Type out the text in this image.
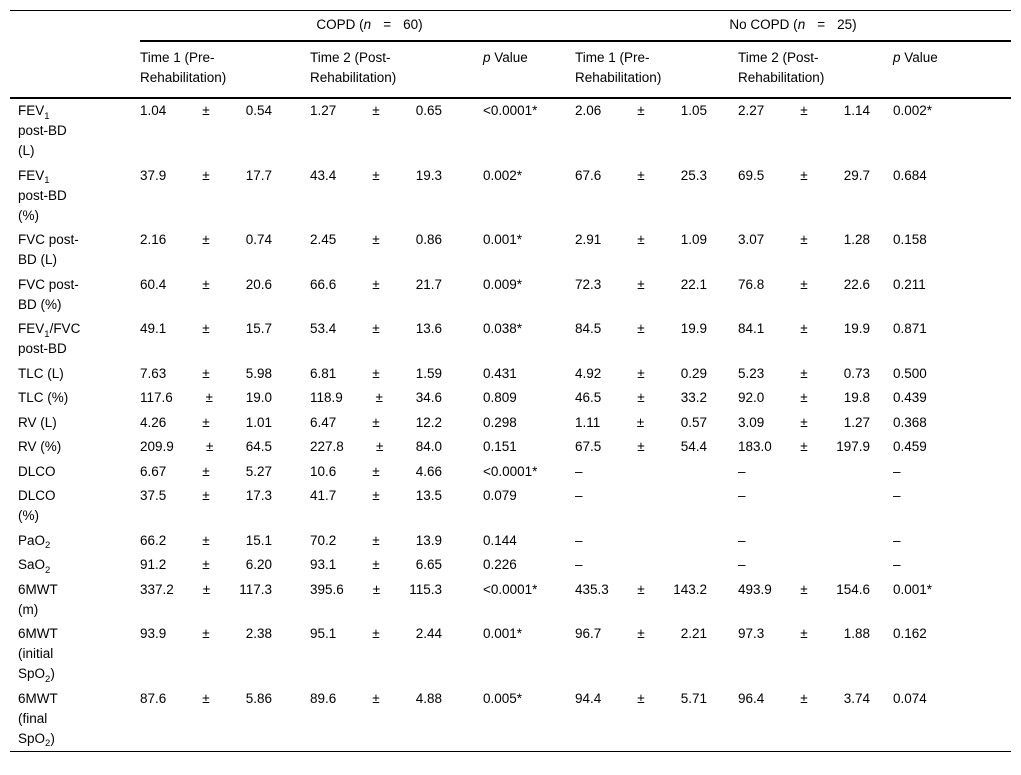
	COPD (n = 60)					No COPD (n = 25)				
	Time 1 (Pre-Rehabilitation)		Time 2 (Post-Rehabilitation)		p Value	Time 1 (Pre-Rehabilitation)		Time 2 (Post-Rehabilitation)		p Value
$FEV_1$
post-BD
(L)	1.04 ± 0.54		1.27 ± 0.65		<0.0001*	2.06 ± 1.05		2.27 ± 1.14		0.002*
$FEV_1$
post-BD
(%)	37.9 ± 17.7		43.4 ± 19.3		0.002*	67.6 ± 25.3		69.5 ± 29.7		0.684
FVC post-
BD (L)	2.16 ± 0.74		2.45 ± 0.86		0.001*	2.91 ± 1.09		3.07 ± 1.28		0.158
FVC post-
BD (%)	60.4 ± 20.6		66.6 ± 21.7		0.009*	72.3 ± 22.1		76.8 ± 22.6		0.211
$FEV_1$/FVC
post-BD	49.1 ± 15.7		53.4 ± 13.6		0.038*	84.5 ± 19.9		84.1 ± 19.9		0.871
TLC (L)	7.63 ± 5.98		6.81 ± 1.59		0.431	4.92 ± 0.29		5.23 ± 0.73		0.500
TLC (%)	117.6 ± 19.0		118.9 ± 34.6		0.809	46.5 ± 33.2		92.0 ± 19.8		0.439
RV (L)	4.26 ± 1.01		6.47 ± 12.2		0.298	1.11 ± 0.57		3.09 ± 1.27		0.368
RV (%)	209.9 ± 64.5		227.8 ± 84.0		0.151	67.5 ± 54.4		183.0 ± 197.9		0.459
DLCO	6.67 ± 5.27		10.6 ± 4.66		<0.0001*	–		–		–
DLCO
(%)	37.5 ± 17.3		41.7 ± 13.5		0.079	–		–		–
PaO$_2$	66.2 ± 15.1		70.2 ± 13.9		0.144	–		–		–
SaO$_2$	91.2 ± 6.20		93.1 ± 6.65		0.226	–		–		–
6MWT
(m)	337.2 ± 117.3		395.6 ± 115.3		<0.0001*	435.3 ± 143.2		493.9 ± 154.6		0.001*
6MWT
(initial
SpO$_2$)	93.9 ± 2.38		95.1 ± 2.44		0.001*	96.7 ± 2.21		97.3 ± 1.88		0.162
6MWT
(final
SpO$_2$)	87.6 ± 5.86		89.6 ± 4.88		0.005*	94.4 ± 5.71		96.4 ± 3.74		0.074
